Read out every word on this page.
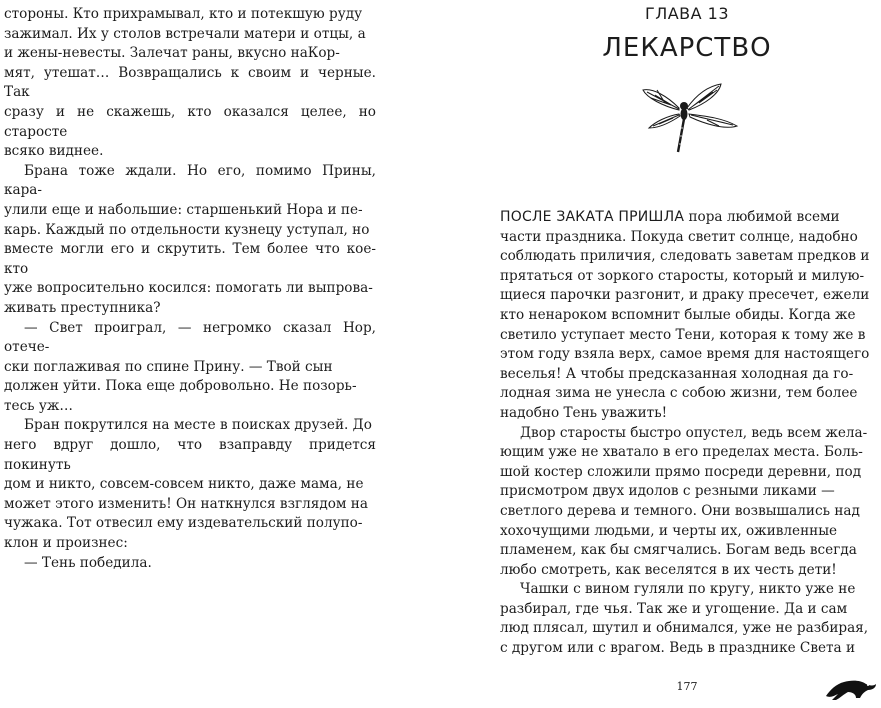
стороны. Кто прихрамывал, кто и потекшую руду
зажимал. Их у столов встречали матери и отцы, а
и жены-невесты. Залечат раны, вкусно наКор-
мят, утешат… Возвращались к своим и черные. Так
сразу и не скажешь, кто оказался целее, но старосте
всяко виднее.

Брана тоже ждали. Но его, помимо Прины, кара-
улили еще и набольшие: старшенький Нора и пе-
карь. Каждый по отдельности кузнецу уступал, но
вместе могли его и скрутить. Тем более что кое-кто
уже вопросительно косился: помогать ли выпрова-
живать преступника?

— Свет проиграл, — негромко сказал Нор, отече-
ски поглаживая по спине Прину. — Твой сын
должен уйти. Пока еще добровольно. Не позорь-
тесь уж…

Бран покрутился на месте в поисках друзей. До
него вдруг дошло, что взаправду придется покинуть
дом и никто, совсем-совсем никто, даже мама, не
может этого изменить! Он наткнулся взглядом на
чужака. Тот отвесил ему издевательский полупо-
клон и произнес:

— Тень победила.

ГЛАВА 13
ЛЕКАРСТВО

ПОСЛЕ ЗАКАТА ПРИШЛА пора любимой всеми
части праздника. Покуда светит солнце, надобно
соблюдать приличия, следовать заветам предков и
прятаться от зоркого старосты, который и милую-
щиеся парочки разгонит, и драку пресечет, ежели
кто ненароком вспомнит былые обиды. Когда же
светило уступает место Тени, которая к тому же в
этом году взяла верх, самое время для настоящего
веселья! А чтобы предсказанная холодная да го-
лодная зима не унесла с собою жизни, тем более
надобно Тень уважить!

Двор старосты быстро опустел, ведь всем жела-
ющим уже не хватало в его пределах места. Боль-
шой костер сложили прямо посреди деревни, под
присмотром двух идолов с резными ликами —
светлого дерева и темного. Они возвышались над
хохочущими людьми, и черты их, оживленные
пламенем, как бы смягчались. Богам ведь всегда
любо смотреть, как веселятся в их честь дети!

Чашки с вином гуляли по кругу, никто уже не
разбирал, где чья. Так же и угощение. Да и сам
люд плясал, шутил и обнимался, уже не разбирая,
с другом или с врагом. Ведь в празднике Света и

177
